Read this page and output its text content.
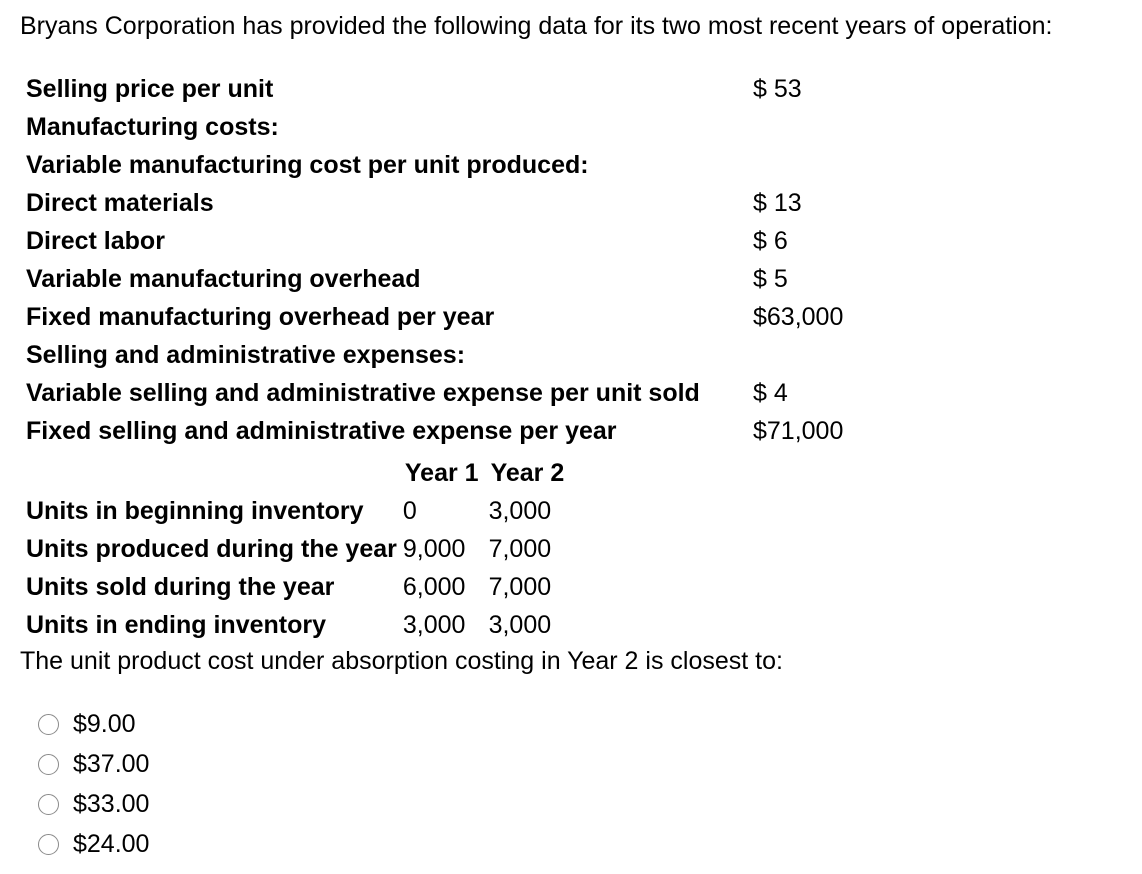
Bryans Corporation has provided the following data for its two most recent years of operation:
Selling price per unit	$ 53
Manufacturing costs:	
Variable manufacturing cost per unit produced:	
Direct materials	$ 13
Direct labor	$ 6
Variable manufacturing overhead	$ 5
Fixed manufacturing overhead per year	$63,000
Selling and administrative expenses:	
Variable selling and administrative expense per unit sold	$ 4
Fixed selling and administrative expense per year	$71,000
	Year 1	Year 2
Units in beginning inventory	0	3,000
Units produced during the year	9,000	7,000
Units sold during the year	6,000	7,000
Units in ending inventory	3,000	3,000
The unit product cost under absorption costing in Year 2 is closest to:
$9.00
$37.00
$33.00
$24.00
